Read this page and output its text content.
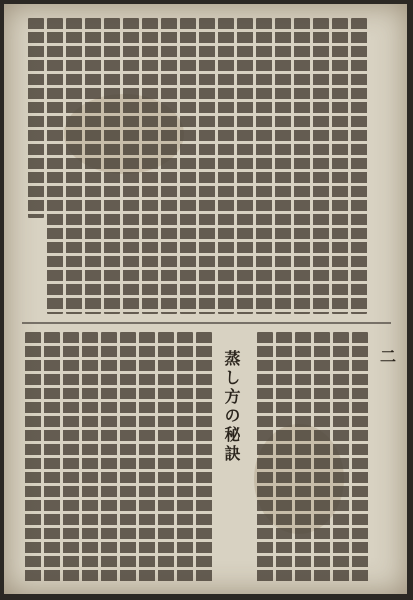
蒸し方の秘訣	二
